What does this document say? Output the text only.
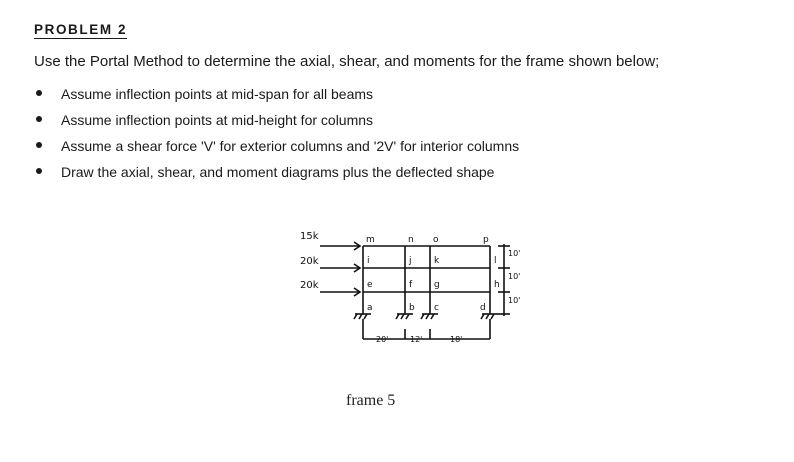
PROBLEM 2
Use the Portal Method to determine the axial, shear, and moments for the frame shown below;
Assume inflection points at mid-span for all beams
Assume inflection points at mid-height for columns
Assume a shear force 'V' for exterior columns and '2V' for interior columns
Draw the axial, shear, and moment diagrams plus the deflected shape
15k
20k
20k
m	n o	p
i	j k	l
e	f g	h
a	b c	d
20'	12'	18'
10'
10'
10'
frame 5
